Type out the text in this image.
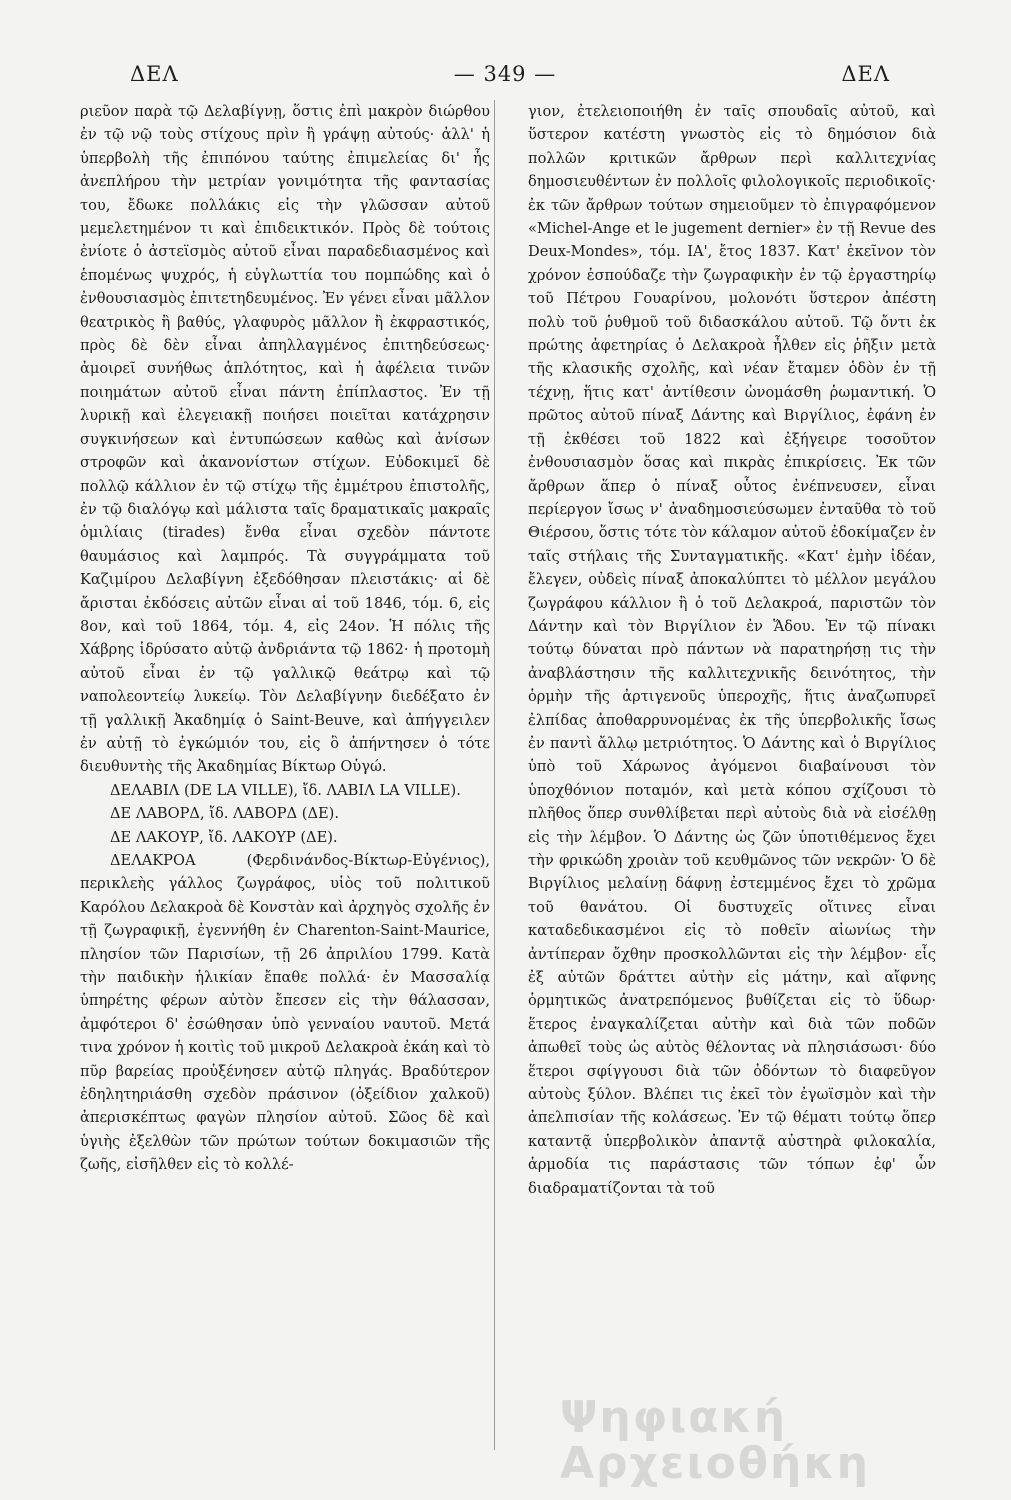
ΔΕΛ	— 349 —	ΔΕΛ

ριεῦον παρὰ τῷ Δελαβίγνῃ, ὅστις ἐπὶ μακρὸν διώρθου ἐν τῷ νῷ τοὺς στίχους πρὶν ἢ γράψῃ αὐτούς· ἀλλ' ἡ ὑπερβολὴ τῆς ἐπιπόνου ταύτης ἐπιμελείας δι' ἧς ἀνεπλήρου τὴν μετρίαν γονιμότητα τῆς φαντασίας του, ἔδωκε πολλάκις εἰς τὴν γλῶσσαν αὐτοῦ μεμελετημένον τι καὶ ἐπιδεικτικόν. Πρὸς δὲ τούτοις ἐνίοτε ὁ ἀστεϊσμὸς αὐτοῦ εἶναι παραδεδιασμένος καὶ ἑπομένως ψυχρός, ἡ εὐγλωττία του πομπώδης καὶ ὁ ἐνθουσιασμὸς ἐπιτετηδευμένος. Ἐν γένει εἶναι μᾶλλον θεατρικὸς ἢ βαθύς, γλαφυρὸς μᾶλλον ἢ ἐκφραστικός, πρὸς δὲ δὲν εἶναι ἀπηλλαγμένος ἐπιτηδεύσεως· ἀμοιρεῖ συνήθως ἁπλότητος, καὶ ἡ ἀφέλεια τινῶν ποιημάτων αὐτοῦ εἶναι πάντη ἐπίπλαστος. Ἐν τῇ λυρικῇ καὶ ἐλεγειακῇ ποιήσει ποιεῖται κατάχρησιν συγκινήσεων καὶ ἐντυπώσεων καθὼς καὶ ἀνίσων στροφῶν καὶ ἀκανονίστων στίχων. Εὐδοκιμεῖ δὲ πολλῷ κάλλιον ἐν τῷ στίχῳ τῆς ἐμμέτρου ἐπιστολῆς, ἐν τῷ διαλόγῳ καὶ μάλιστα ταῖς δραματικαῖς μακραῖς ὁμιλίαις (tirades) ἔνθα εἶναι σχεδὸν πάντοτε θαυμάσιος καὶ λαμπρός. Τὰ συγγράμματα τοῦ Καζιμίρου Δελαβίγνη ἐξεδόθησαν πλειστάκις· αἱ δὲ ἄρισται ἐκδόσεις αὐτῶν εἶναι αἱ τοῦ 1846, τόμ. 6, εἰς 8ον, καὶ τοῦ 1864, τόμ. 4, εἰς 24ον. Ἡ πόλις τῆς Χάβρης ἱδρύσατο αὐτῷ ἀνδριάντα τῷ 1862· ἡ προτομὴ αὐτοῦ εἶναι ἐν τῷ γαλλικῷ θεάτρῳ καὶ τῷ ναπολεοντείῳ λυκείῳ. Τὸν Δελαβίγνην διεδέξατο ἐν τῇ γαλλικῇ Ἀκαδημίᾳ ὁ Saint-Beuve, καὶ ἀπήγγειλεν ἐν αὐτῇ τὸ ἐγκώμιόν του, εἰς ὃ ἀπήντησεν ὁ τότε διευθυντὴς τῆς Ἀκαδημίας Βίκτωρ Οὑγώ.

ΔΕΛΑΒΙΛ (DE LA VILLE), ἴδ. ΛΑΒΙΛ LA VILLE).

ΔΕ ΛΑΒΟΡΔ, ἴδ. ΛΑΒΟΡΔ (ΔΕ).

ΔΕ ΛΑΚΟΥΡ, ἴδ. ΛΑΚΟΥΡ (ΔΕ).

ΔΕΛΑΚΡΟΑ (Φερδινάνδος-Βίκτωρ-Εὐγένιος), περικλεὴς γάλλος ζωγράφος, υἱὸς τοῦ πολιτικοῦ Καρόλου Δελακροὰ δὲ Κονστὰν καὶ ἀρχηγὸς σχολῆς ἐν τῇ ζωγραφικῇ, ἐγεννήθη ἐν Charenton-Saint-Maurice, πλησίον τῶν Παρισίων, τῇ 26 ἀπριλίου 1799. Κατὰ τὴν παιδικὴν ἡλικίαν ἔπαθε πολλά· ἐν Μασσαλίᾳ ὑπηρέτης φέρων αὐτὸν ἔπεσεν εἰς τὴν θάλασσαν, ἀμφότεροι δ' ἐσώθησαν ὑπὸ γενναίου ναυτοῦ. Μετά τινα χρόνον ἡ κοιτὶς τοῦ μικροῦ Δελακροὰ ἐκάη καὶ τὸ πῦρ βαρείας προὐξένησεν αὐτῷ πληγάς. Βραδύτερον ἐδηλητηριάσθη σχεδὸν πράσινον (ὀξείδιον χαλκοῦ) ἀπερισκέπτως φαγὼν πλησίον αὐτοῦ. Σῶος δὲ καὶ ὑγιὴς ἐξελθὼν τῶν πρώτων τούτων δοκιμασιῶν τῆς ζωῆς, εἰσῆλθεν εἰς τὸ κολλέ-

γιον, ἐτελειοποιήθη ἐν ταῖς σπουδαῖς αὐτοῦ, καὶ ὕστερον κατέστη γνωστὸς εἰς τὸ δημόσιον διὰ πολλῶν κριτικῶν ἄρθρων περὶ καλλιτεχνίας δημοσιευθέντων ἐν πολλοῖς φιλολογικοῖς περιοδικοῖς· ἐκ τῶν ἄρθρων τούτων σημειοῦμεν τὸ ἐπιγραφόμενον «Michel-Ange et le jugement dernier» ἐν τῇ Revue des Deux-Mondes», τόμ. ΙΑ', ἔτος 1837. Κατ' ἐκεῖνον τὸν χρόνον ἐσπούδαζε τὴν ζωγραφικὴν ἐν τῷ ἐργαστηρίῳ τοῦ Πέτρου Γουαρίνου, μολονότι ὕστερον ἀπέστη πολὺ τοῦ ῥυθμοῦ τοῦ διδασκάλου αὐτοῦ. Τῷ ὄντι ἐκ πρώτης ἀφετηρίας ὁ Δελακροὰ ἦλθεν εἰς ῥῆξιν μετὰ τῆς κλασικῆς σχολῆς, καὶ νέαν ἔταμεν ὁδὸν ἐν τῇ τέχνῃ, ἥτις κατ' ἀντίθεσιν ὠνομάσθη ῥωμαντική. Ὁ πρῶτος αὐτοῦ πίναξ Δάντης καὶ Βιργίλιος, ἐφάνη ἐν τῇ ἐκθέσει τοῦ 1822 καὶ ἐξήγειρε τοσοῦτον ἐνθουσιασμὸν ὅσας καὶ πικρὰς ἐπικρίσεις. Ἐκ τῶν ἄρθρων ἅπερ ὁ πίναξ οὗτος ἐνέπνευσεν, εἶναι περίεργον ἴσως ν' ἀναδημοσιεύσωμεν ἐνταῦθα τὸ τοῦ Θιέρσου, ὅστις τότε τὸν κάλαμον αὐτοῦ ἐδοκίμαζεν ἐν ταῖς στήλαις τῆς Συνταγματικῆς. «Κατ' ἐμὴν ἰδέαν, ἔλεγεν, οὐδεὶς πίναξ ἀποκαλύπτει τὸ μέλλον μεγάλου ζωγράφου κάλλιον ἢ ὁ τοῦ Δελακροά, παριστῶν τὸν Δάντην καὶ τὸν Βιργίλιον ἐν Ἅδου. Ἐν τῷ πίνακι τούτῳ δύναται πρὸ πάντων νὰ παρατηρήσῃ τις τὴν ἀναβλάστησιν τῆς καλλιτεχνικῆς δεινότητος, τὴν ὁρμὴν τῆς ἀρτιγενοῦς ὑπεροχῆς, ἥτις ἀναζωπυρεῖ ἐλπίδας ἀποθαρρυνομένας ἐκ τῆς ὑπερβολικῆς ἴσως ἐν παντὶ ἄλλῳ μετριότητος. Ὁ Δάντης καὶ ὁ Βιργίλιος ὑπὸ τοῦ Χάρωνος ἀγόμενοι διαβαίνουσι τὸν ὑποχθόνιον ποταμόν, καὶ μετὰ κόπου σχίζουσι τὸ πλῆθος ὅπερ συνθλίβεται περὶ αὐτοὺς διὰ νὰ εἰσέλθῃ εἰς τὴν λέμβον. Ὁ Δάντης ὡς ζῶν ὑποτιθέμενος ἔχει τὴν φρικώδη χροιὰν τοῦ κευθμῶνος τῶν νεκρῶν· Ὁ δὲ Βιργίλιος μελαίνῃ δάφνῃ ἐστεμμένος ἔχει τὸ χρῶμα τοῦ θανάτου. Οἱ δυστυχεῖς οἵτινες εἶναι καταδεδικασμένοι εἰς τὸ ποθεῖν αἰωνίως τὴν ἀντίπεραν ὄχθην προσκολλῶνται εἰς τὴν λέμβον· εἷς ἐξ αὐτῶν δράττει αὐτὴν εἰς μάτην, καὶ αἴφνης ὁρμητικῶς ἀνατρεπόμενος βυθίζεται εἰς τὸ ὕδωρ· ἕτερος ἐναγκαλίζεται αὐτὴν καὶ διὰ τῶν ποδῶν ἀπωθεῖ τοὺς ὡς αὐτὸς θέλοντας νὰ πλησιάσωσι· δύο ἕτεροι σφίγγουσι διὰ τῶν ὀδόντων τὸ διαφεῦγον αὐτοὺς ξύλον. Βλέπει τις ἐκεῖ τὸν ἐγωϊσμὸν καὶ τὴν ἀπελπισίαν τῆς κολάσεως. Ἐν τῷ θέματι τούτῳ ὅπερ καταντᾷ ὑπερβολικὸν ἀπαντᾷ αὐστηρὰ φιλοκαλία, ἁρμοδία τις παράστασις τῶν τόπων ἐφ' ὧν διαδραματίζονται τὰ τοῦ

Ψηφιακή
Αρχειοθήκη
